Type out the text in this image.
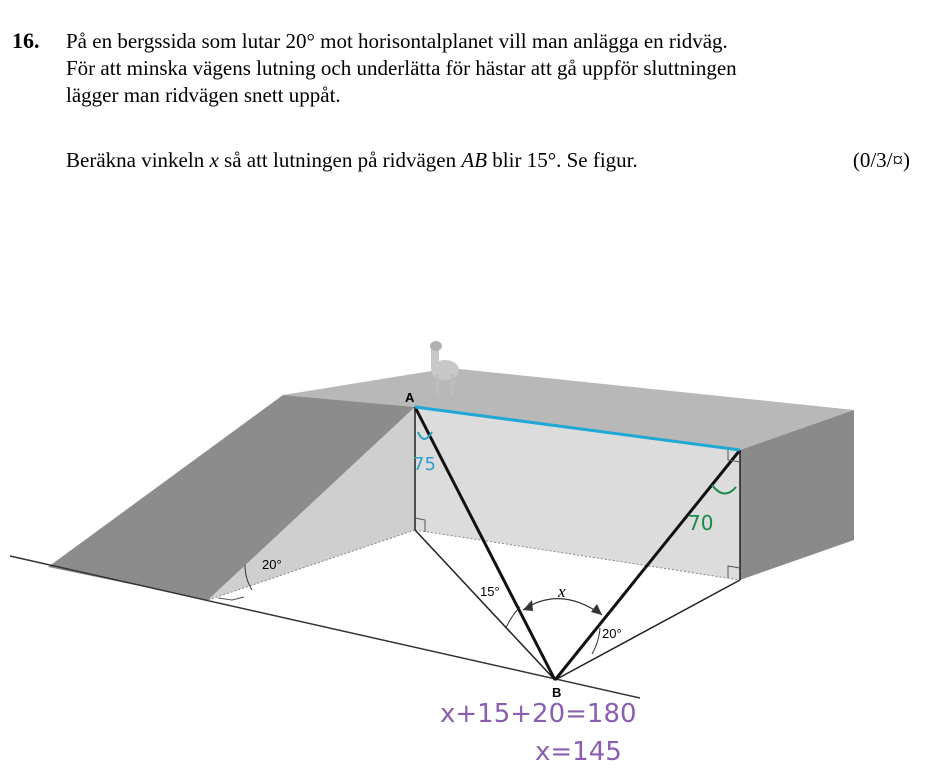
16. På en bergssida som lutar 20° mot horisontalplanet vill man anlägga en ridväg.
För att minska vägens lutning och underlätta för hästar att gå uppför sluttningen
lägger man ridvägen snett uppåt.
Beräkna vinkeln x så att lutningen på ridvägen AB blir 15°. Se figur.	(0/3/¤)
A
B
20°
15°
20°
x
75
70
x+15+20=180
x=145
